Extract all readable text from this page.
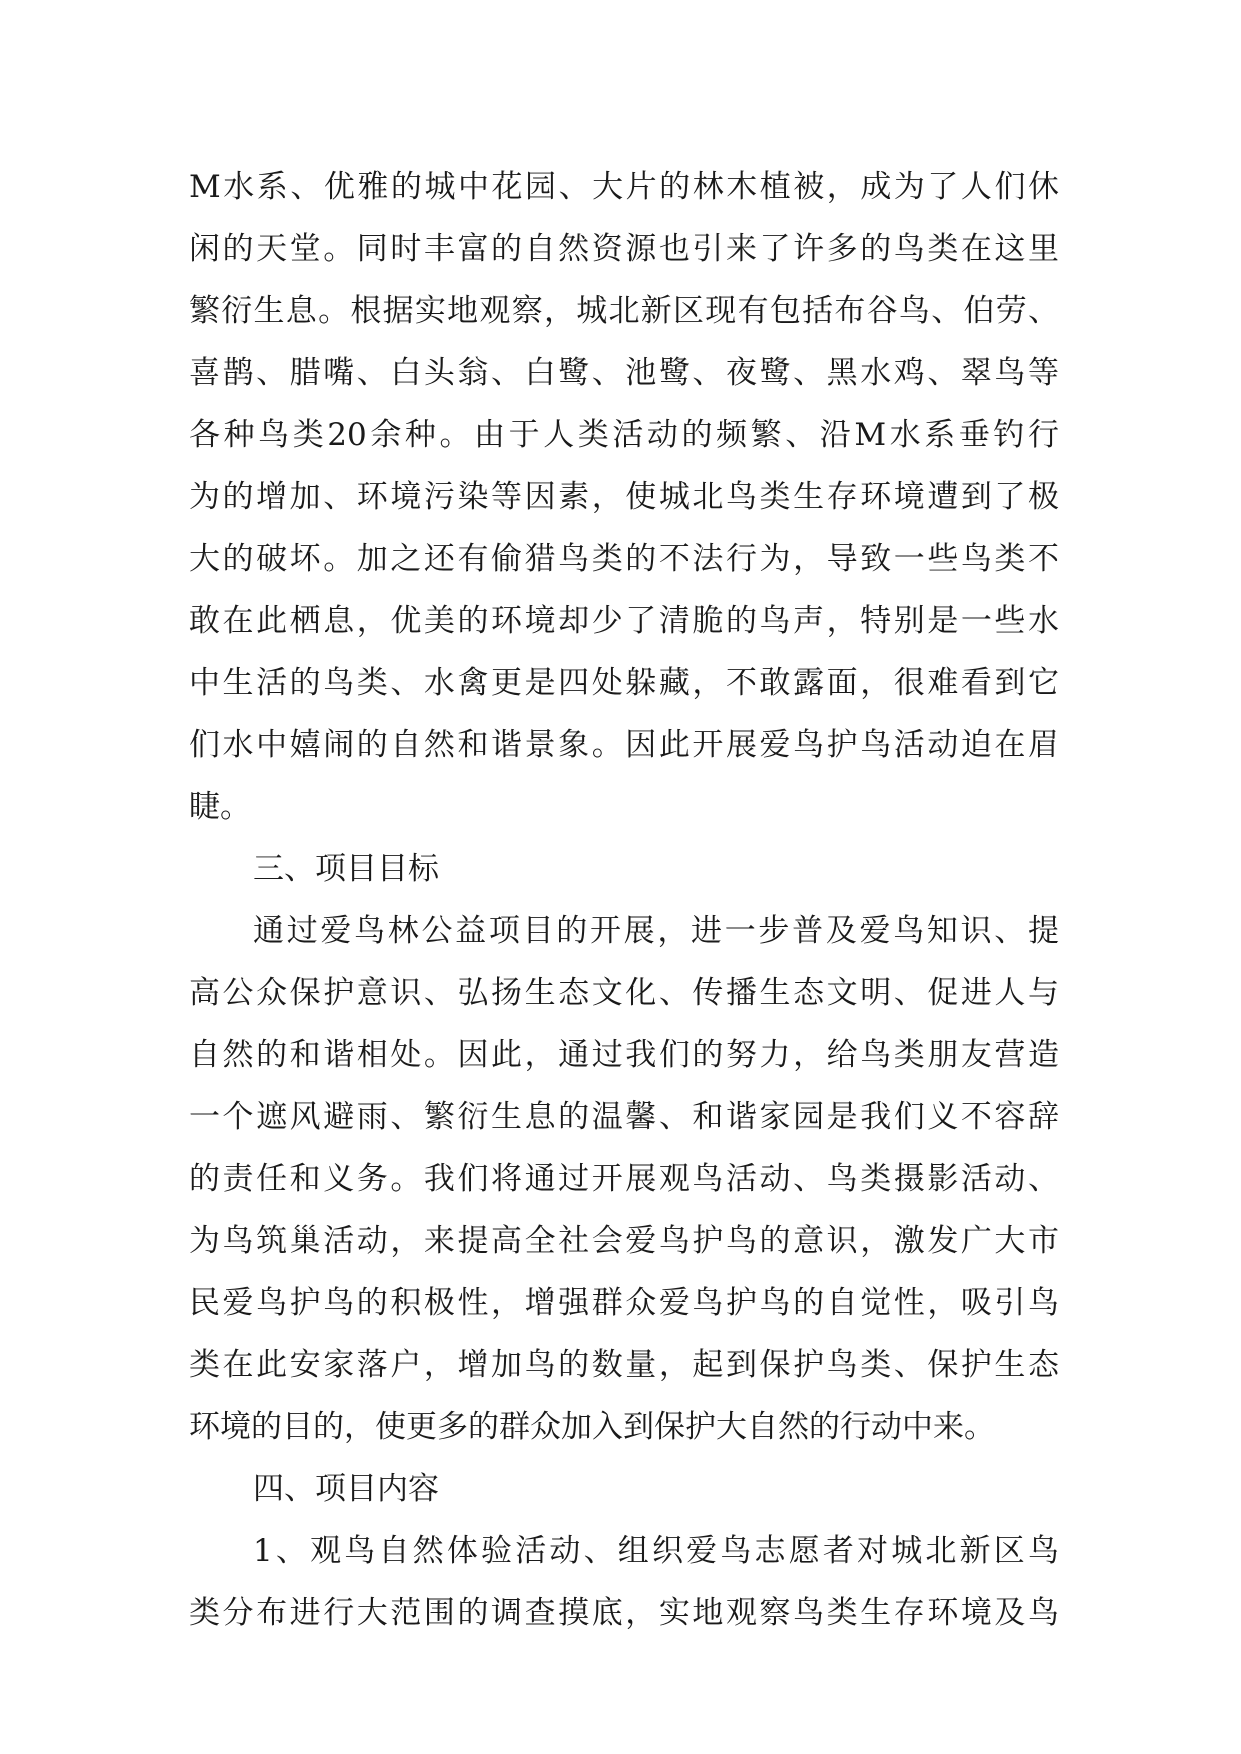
M水系、优雅的城中花园、大片的林木植被，成为了人们休
闲的天堂。同时丰富的自然资源也引来了许多的鸟类在这里
繁衍生息。根据实地观察，城北新区现有包括布谷鸟、伯劳、
喜鹊、腊嘴、白头翁、白鹭、池鹭、夜鹭、黑水鸡、翠鸟等
各种鸟类20余种。由于人类活动的频繁、沿M水系垂钓行
为的增加、环境污染等因素，使城北鸟类生存环境遭到了极
大的破坏。加之还有偷猎鸟类的不法行为，导致一些鸟类不
敢在此栖息，优美的环境却少了清脆的鸟声，特别是一些水
中生活的鸟类、水禽更是四处躲藏，不敢露面，很难看到它
们水中嬉闹的自然和谐景象。因此开展爱鸟护鸟活动迫在眉
睫。
三、项目目标
通过爱鸟林公益项目的开展，进一步普及爱鸟知识、提
高公众保护意识、弘扬生态文化、传播生态文明、促进人与
自然的和谐相处。因此，通过我们的努力，给鸟类朋友营造
一个遮风避雨、繁衍生息的温馨、和谐家园是我们义不容辞
的责任和义务。我们将通过开展观鸟活动、鸟类摄影活动、
为鸟筑巢活动，来提高全社会爱鸟护鸟的意识，激发广大市
民爱鸟护鸟的积极性，增强群众爱鸟护鸟的自觉性，吸引鸟
类在此安家落户，增加鸟的数量，起到保护鸟类、保护生态
环境的目的，使更多的群众加入到保护大自然的行动中来。
四、项目内容
1、观鸟自然体验活动、组织爱鸟志愿者对城北新区鸟
类分布进行大范围的调查摸底，实地观察鸟类生存环境及鸟
